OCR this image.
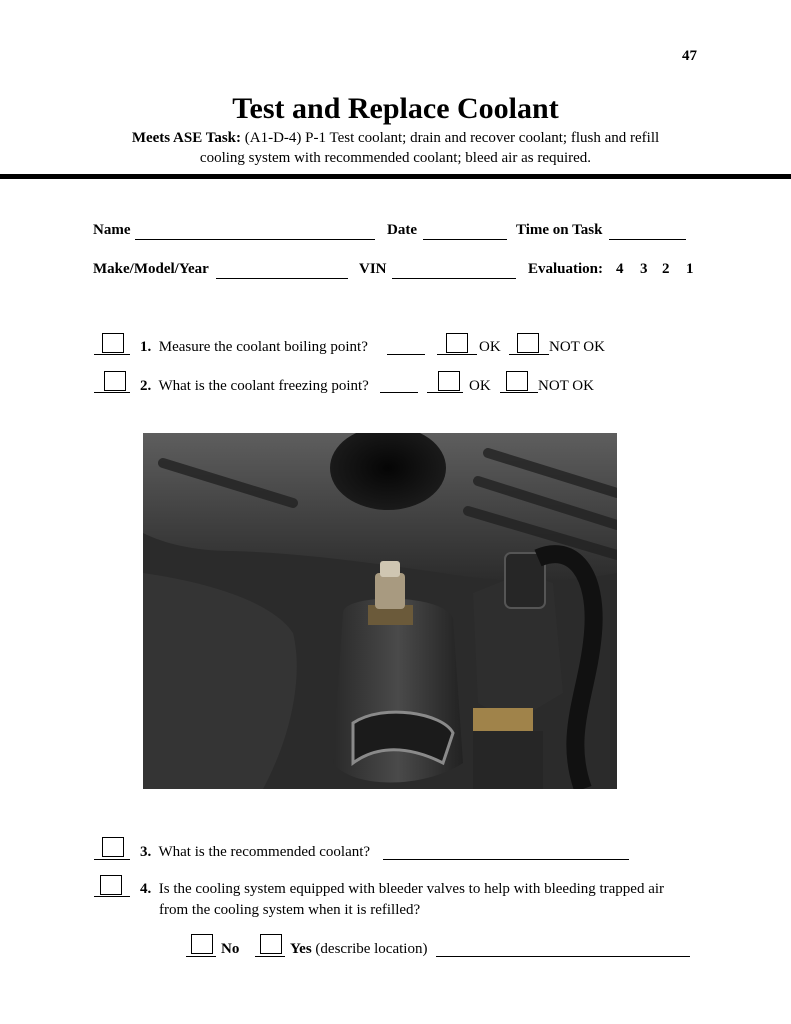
47
Test and Replace Coolant
Meets ASE Task: (A1-D-4) P-1 Test coolant; drain and recover coolant; flush and refill
cooling system with recommended coolant; bleed air as required.
Name	Date	Time on Task
Make/Model/Year	VIN	Evaluation: 4 3 2 1
1. Measure the coolant boiling point?	OK	NOT OK
2. What is the coolant freezing point?	OK	NOT OK
3. What is the recommended coolant?
4. Is the cooling system equipped with bleeder valves to help with bleeding trapped air
from the cooling system when it is refilled?
No	Yes (describe location)
